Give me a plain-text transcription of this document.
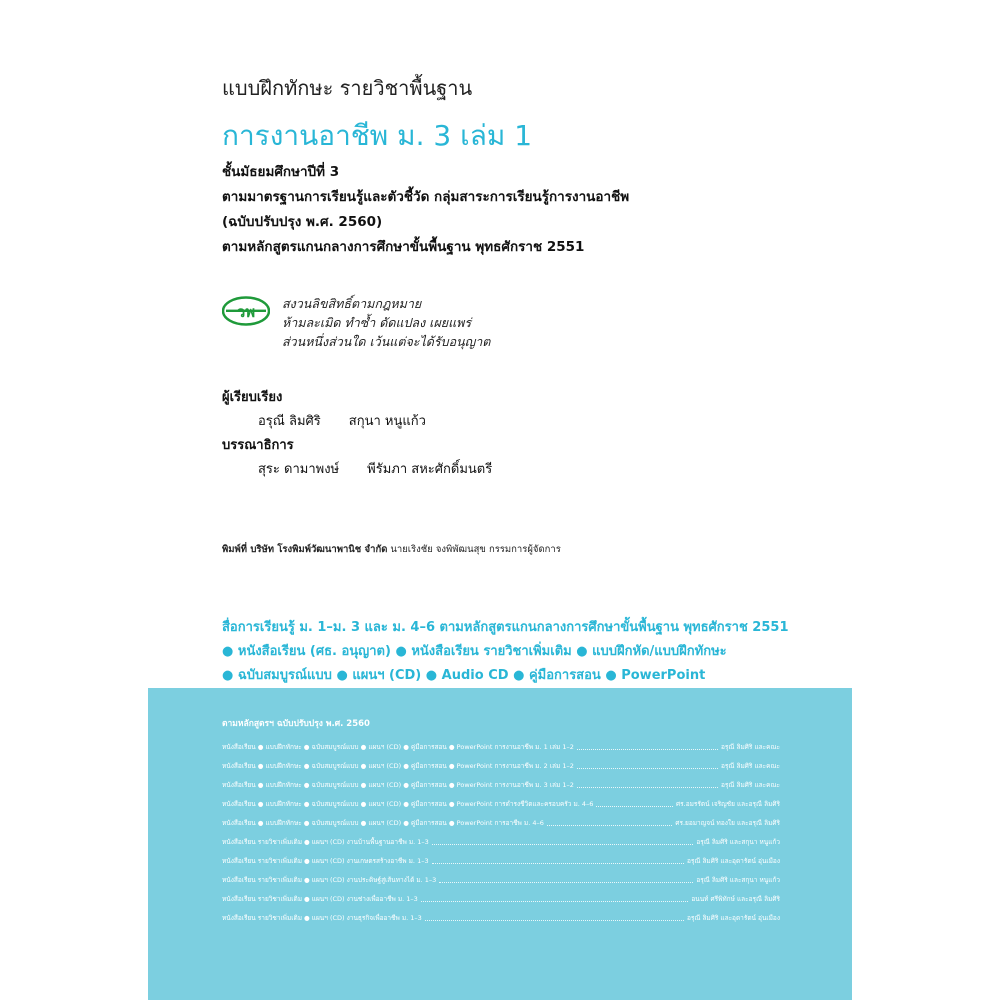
แบบฝึกทักษะ รายวิชาพื้นฐาน
การงานอาชีพ ม. 3 เล่ม 1
ชั้นมัธยมศึกษาปีที่ 3
ตามมาตรฐานการเรียนรู้และตัวชี้วัด กลุ่มสาระการเรียนรู้การงานอาชีพ
(ฉบับปรับปรุง พ.ศ. 2560)
ตามหลักสูตรแกนกลางการศึกษาขั้นพื้นฐาน พุทธศักราช 2551
วพ สงวนลิขสิทธิ์ตามกฎหมาย
ห้ามละเมิด ทำซ้ำ ดัดแปลง เผยแพร่
ส่วนหนึ่งส่วนใด เว้นแต่จะได้รับอนุญาต
ผู้เรียบเรียง
อรุณี ลิมศิริ สกุนา หนูแก้ว
บรรณาธิการ
สุระ ดามาพงษ์ พีรัมภา สหะศักดิ์มนตรี
พิมพ์ที่ บริษัท โรงพิมพ์วัฒนาพานิช จำกัด นายเริงชัย จงพิพัฒนสุข กรรมการผู้จัดการ
สื่อการเรียนรู้ ม. 1–ม. 3 และ ม. 4–6 ตามหลักสูตรแกนกลางการศึกษาขั้นพื้นฐาน พุทธศักราช 2551
● หนังสือเรียน (ศธ. อนุญาต) ● หนังสือเรียน รายวิชาเพิ่มเติม ● แบบฝึกหัด/แบบฝึกทักษะ
● ฉบับสมบูรณ์แบบ ● แผนฯ (CD) ● Audio CD ● คู่มือการสอน ● PowerPoint
ตามหลักสูตรฯ ฉบับปรับปรุง พ.ศ. 2560
หนังสือเรียน ● แบบฝึกทักษะ ● ฉบับสมบูรณ์แบบ ● แผนฯ (CD) ● คู่มือการสอน ● PowerPoint การงานอาชีพ ม. 1 เล่ม 1–2	อรุณี ลิมศิริ และคณะ
หนังสือเรียน ● แบบฝึกทักษะ ● ฉบับสมบูรณ์แบบ ● แผนฯ (CD) ● คู่มือการสอน ● PowerPoint การงานอาชีพ ม. 2 เล่ม 1–2	อรุณี ลิมศิริ และคณะ
หนังสือเรียน ● แบบฝึกทักษะ ● ฉบับสมบูรณ์แบบ ● แผนฯ (CD) ● คู่มือการสอน ● PowerPoint การงานอาชีพ ม. 3 เล่ม 1–2	อรุณี ลิมศิริ และคณะ
หนังสือเรียน ● แบบฝึกทักษะ ● ฉบับสมบูรณ์แบบ ● แผนฯ (CD) ● คู่มือการสอน ● PowerPoint การดำรงชีวิตและครอบครัว ม. 4–6	ศร.อมรรัตน์ เจริญชัย และอรุณี ลิมศิริ
หนังสือเรียน ● แบบฝึกทักษะ ● ฉบับสมบูรณ์แบบ ● แผนฯ (CD) ● คู่มือการสอน ● PowerPoint การอาชีพ ม. 4–6	ศร.ยอมาญจน์ ทองใย และอรุณี ลิมศิริ
หนังสือเรียน รายวิชาเพิ่มเติม ● แผนฯ (CD) งานบ้านพื้นฐานอาชีพ ม. 1–3	อรุณี ลิมศิริ และสกุนา หนูแก้ว
หนังสือเรียน รายวิชาเพิ่มเติม ● แผนฯ (CD) งานเกษตรสร้างอาชีพ ม. 1–3	อรุณี ลิมศิริ และอุดารัตน์ อุ่นเมือง
หนังสือเรียน รายวิชาเพิ่มเติม ● แผนฯ (CD) งานประดิษฐ์สู่เส้นทางได้ ม. 1–3	อรุณี ลิมศิริ และสกุนา หนูแก้ว
หนังสือเรียน รายวิชาเพิ่มเติม ● แผนฯ (CD) งานช่างเพื่ออาชีพ ม. 1–3	อนนท์ ศรีพิทักษ์ และอรุณี ลิมศิริ
หนังสือเรียน รายวิชาเพิ่มเติม ● แผนฯ (CD) งานธุรกิจเพื่ออาชีพ ม. 1–3	อรุณี ลิมศิริ และอุดารัตน์ อุ่นเมือง
